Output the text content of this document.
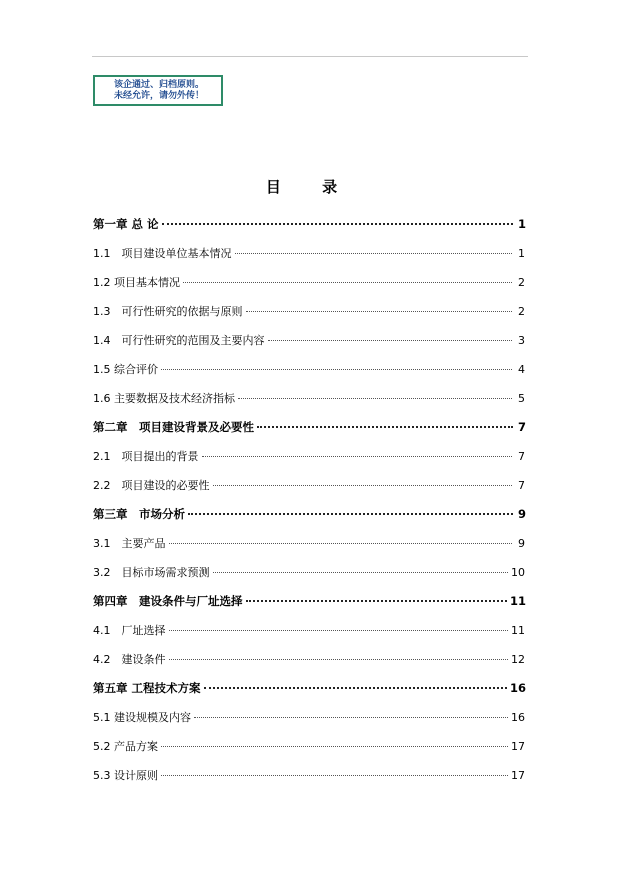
该企通过、归档原则。
未经允许，请勿外传！
目 录
第一章 总 论	1
1.1　项目建设单位基本情况	1
1.2 项目基本情况	2
1.3　可行性研究的依据与原则	2
1.4　可行性研究的范围及主要内容	3
1.5 综合评价	4
1.6 主要数据及技术经济指标	5
第二章　项目建设背景及必要性	7
2.1　项目提出的背景	7
2.2　项目建设的必要性	7
第三章　市场分析	9
3.1　主要产品	9
3.2　目标市场需求预测	10
第四章　建设条件与厂址选择	11
4.1　厂址选择	11
4.2　建设条件	12
第五章 工程技术方案	16
5.1 建设规模及内容	16
5.2 产品方案	17
5.3 设计原则	17
